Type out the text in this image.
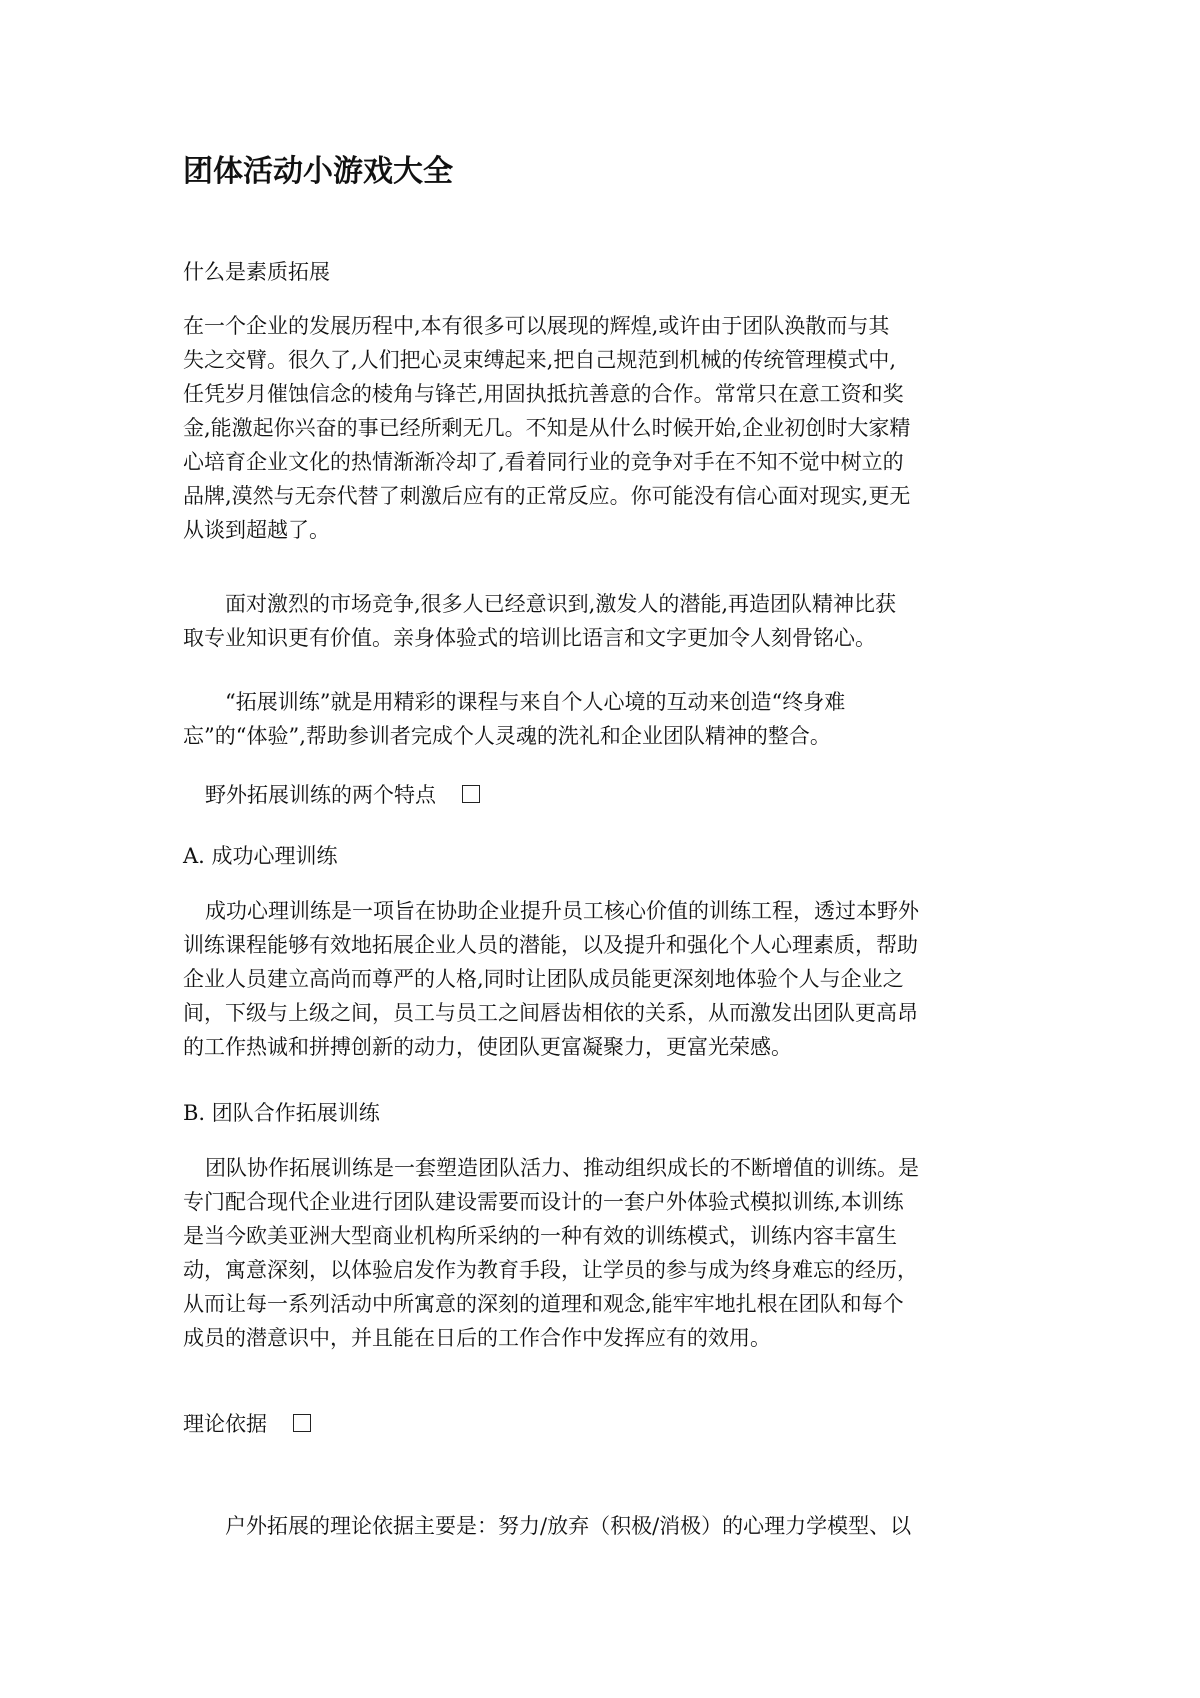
团体活动小游戏大全
什么是素质拓展
在一个企业的发展历程中,本有很多可以展现的辉煌,或许由于团队涣散而与其
失之交臂。很久了,人们把心灵束缚起来,把自己规范到机械的传统管理模式中,
任凭岁月催蚀信念的棱角与锋芒,用固执抵抗善意的合作。常常只在意工资和奖
金,能激起你兴奋的事已经所剩无几。不知是从什么时候开始,企业初创时大家精
心培育企业文化的热情渐渐冷却了,看着同行业的竞争对手在不知不觉中树立的
品牌,漠然与无奈代替了刺激后应有的正常反应。你可能没有信心面对现实,更无
从谈到超越了。
面对激烈的市场竞争,很多人已经意识到,激发人的潜能,再造团队精神比获
取专业知识更有价值。亲身体验式的培训比语言和文字更加令人刻骨铭心。
“拓展训练”就是用精彩的课程与来自个人心境的互动来创造“终身难
忘”的“体验”,帮助参训者完成个人灵魂的洗礼和企业团队精神的整合。
野外拓展训练的两个特点
A. 成功心理训练
成功心理训练是一项旨在协助企业提升员工核心价值的训练工程，透过本野外
训练课程能够有效地拓展企业人员的潜能，以及提升和强化个人心理素质，帮助
企业人员建立高尚而尊严的人格,同时让团队成员能更深刻地体验个人与企业之
间，下级与上级之间，员工与员工之间唇齿相依的关系，从而激发出团队更高昂
的工作热诚和拼搏创新的动力，使团队更富凝聚力，更富光荣感。
B. 团队合作拓展训练
团队协作拓展训练是一套塑造团队活力、推动组织成长的不断增值的训练。是
专门配合现代企业进行团队建设需要而设计的一套户外体验式模拟训练,本训练
是当今欧美亚洲大型商业机构所采纳的一种有效的训练模式，训练内容丰富生
动，寓意深刻，以体验启发作为教育手段，让学员的参与成为终身难忘的经历，
从而让每一系列活动中所寓意的深刻的道理和观念,能牢牢地扎根在团队和每个
成员的潜意识中，并且能在日后的工作合作中发挥应有的效用。
理论依据
户外拓展的理论依据主要是：努力/放弃（积极/消极）的心理力学模型、以
